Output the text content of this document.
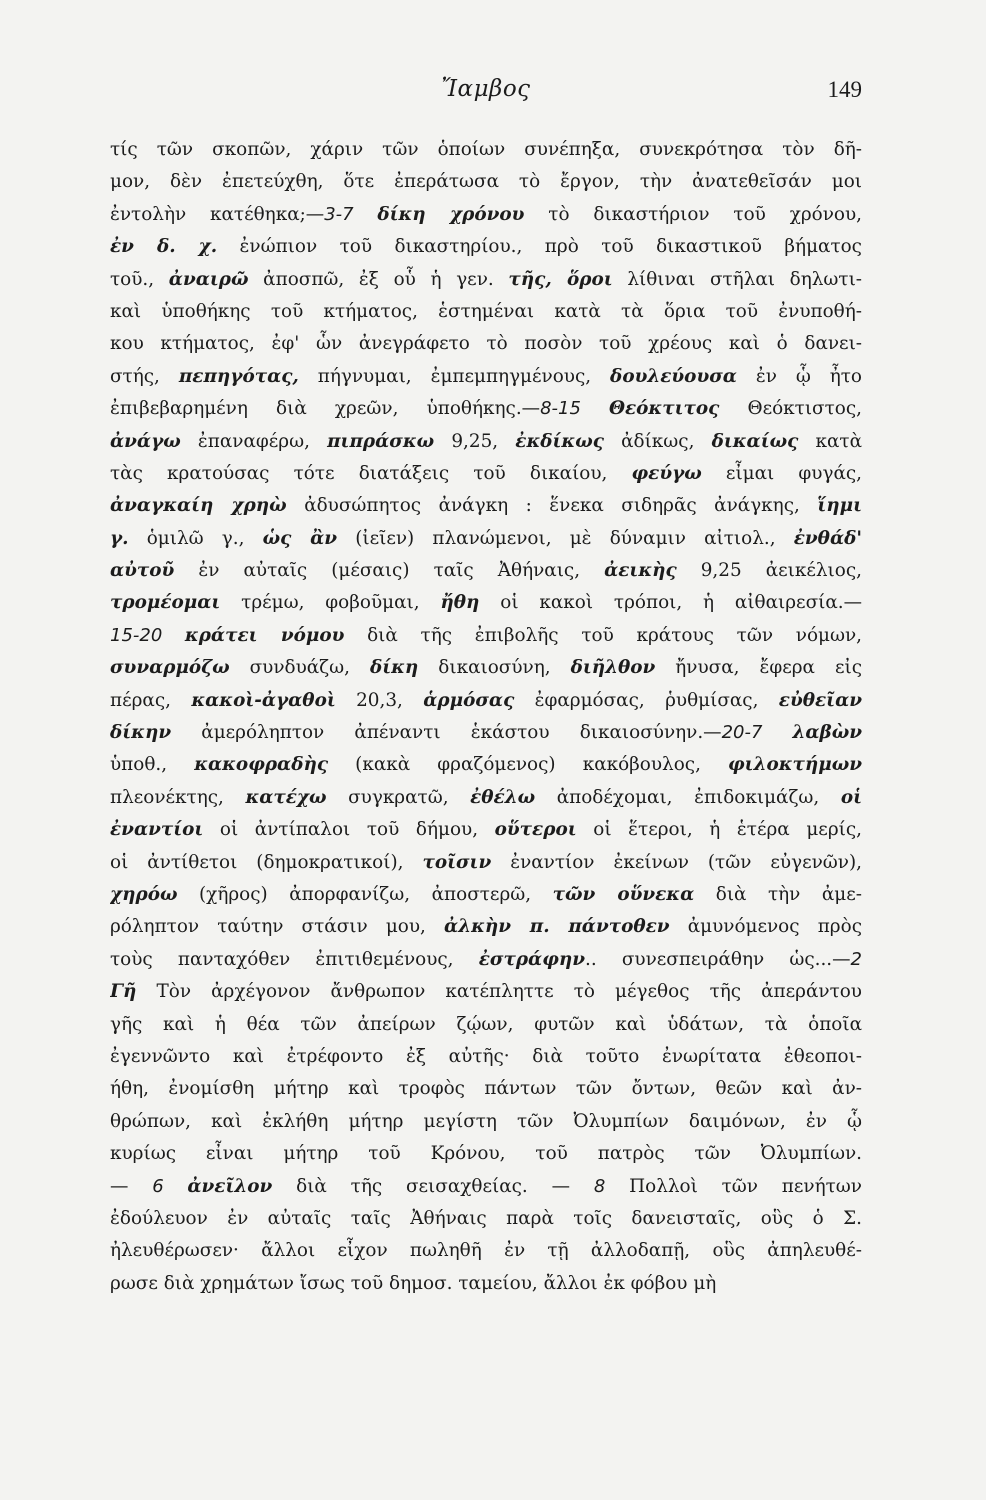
Ἴαμβος	149
τίς τῶν σκοπῶν, χάριν τῶν ὁποίων συνέπηξα, συνεκρότησα τὸν δῆ-
μον, δὲν ἐπετεύχθη, ὅτε ἐπεράτωσα τὸ ἔργον, τὴν ἀνατεθεῖσάν μοι
ἐντολὴν κατέθηκα;—3-7 δίκη χρόνου τὸ δικαστήριον τοῦ χρόνου,
ἐν δ. χ. ἐνώπιον τοῦ δικαστηρίου., πρὸ τοῦ δικαστικοῦ βήματος
τοῦ., ἀναιρῶ ἀποσπῶ, ἐξ οὗ ἡ γεν. τῆς, ὅροι λίθιναι στῆλαι δηλωτι-
καὶ ὑποθήκης τοῦ κτήματος, ἑστημέναι κατὰ τὰ ὅρια τοῦ ἐνυποθή-
κου κτήματος, ἐφ' ὧν ἀνεγράφετο τὸ ποσὸν τοῦ χρέους καὶ ὁ δανει-
στής, πεπηγότας, πήγνυμαι, ἐμπεμπηγμένους, δουλεύουσα ἐν ᾧ ἦτο
ἐπιβεβαρημένη διὰ χρεῶν, ὑποθήκης.—8-15 Θεόκτιτος Θεόκτιστος,
ἀνάγω ἐπαναφέρω, πιπράσκω 9,25, ἐκδίκως ἀδίκως, δικαίως κατὰ
τὰς κρατούσας τότε διατάξεις τοῦ δικαίου, φεύγω εἶμαι φυγάς,
ἀναγκαίη χρηὼ ἀδυσώπητος ἀνάγκη : ἕνεκα σιδηρᾶς ἀνάγκης, ἵημι
γ. ὁμιλῶ γ., ὡς ἂν (ἰεῖεν) πλανώμενοι, μὲ δύναμιν αἰτιολ., ἐνθάδ'
αὐτοῦ ἐν αὐταῖς (μέσαις) ταῖς Ἀθήναις, ἀεικὴς 9,25 ἀεικέλιος,
τρομέομαι τρέμω, φοβοῦμαι, ἤθη οἱ κακοὶ τρόποι, ἡ αἰθαιρεσία.—
15-20 κράτει νόμου διὰ τῆς ἐπιβολῆς τοῦ κράτους τῶν νόμων,
συναρμόζω συνδυάζω, δίκη δικαιοσύνη, διῆλθον ἤνυσα, ἔφερα εἰς
πέρας, κακοὶ-ἀγαθοὶ 20,3, ἁρμόσας ἐφαρμόσας, ῥυθμίσας, εὐθεῖαν
δίκην ἀμερόληπτον ἀπέναντι ἑκάστου δικαιοσύνην.—20-7 λαβὼν
ὑποθ., κακοφραδὴς (κακὰ φραζόμενος) κακόβουλος, φιλοκτήμων
πλεονέκτης, κατέχω συγκρατῶ, ἐθέλω ἀποδέχομαι, ἐπιδοκιμάζω, οἱ
ἐναντίοι οἱ ἀντίπαλοι τοῦ δήμου, οὕτεροι οἱ ἕτεροι, ἡ ἑτέρα μερίς,
οἱ ἀντίθετοι (δημοκρατικοί), τοῖσιν ἐναντίον ἐκείνων (τῶν εὐγενῶν),
χηρόω (χῆρος) ἀπορφανίζω, ἀποστερῶ, τῶν οὕνεκα διὰ τὴν ἀμε-
ρόληπτον ταύτην στάσιν μου, ἀλκὴν π. πάντοθεν ἀμυνόμενος πρὸς
τοὺς πανταχόθεν ἐπιτιθεμένους, ἐστράφην.. συνεσπειράθην ὡς...—2
Γῆ Τὸν ἀρχέγονον ἄνθρωπον κατέπληττε τὸ μέγεθος τῆς ἀπεράντου
γῆς καὶ ἡ θέα τῶν ἀπείρων ζῴων, φυτῶν καὶ ὑδάτων, τὰ ὁποῖα
ἐγεννῶντο καὶ ἐτρέφοντο ἐξ αὐτῆς· διὰ τοῦτο ἐνωρίτατα ἐθεοποι-
ήθη, ἐνομίσθη μήτηρ καὶ τροφὸς πάντων τῶν ὄντων, θεῶν καὶ ἀν-
θρώπων, καὶ ἐκλήθη μήτηρ μεγίστη τῶν Ὀλυμπίων δαιμόνων, ἐν ᾧ
κυρίως εἶναι μήτηρ τοῦ Κρόνου, τοῦ πατρὸς τῶν Ὀλυμπίων.
— 6 ἀνεῖλον διὰ τῆς σεισαχθείας. — 8 Πολλοὶ τῶν πενήτων
ἐδούλευον ἐν αὐταῖς ταῖς Ἀθήναις παρὰ τοῖς δανεισταῖς, οὓς ὁ Σ.
ἠλευθέρωσεν· ἄλλοι εἶχον πωληθῆ ἐν τῇ ἀλλοδαπῇ, οὓς ἀπηλευθέ-
ρωσε διὰ χρημάτων ἴσως τοῦ δημοσ. ταμείου, ἄλλοι ἐκ φόβου μὴ
